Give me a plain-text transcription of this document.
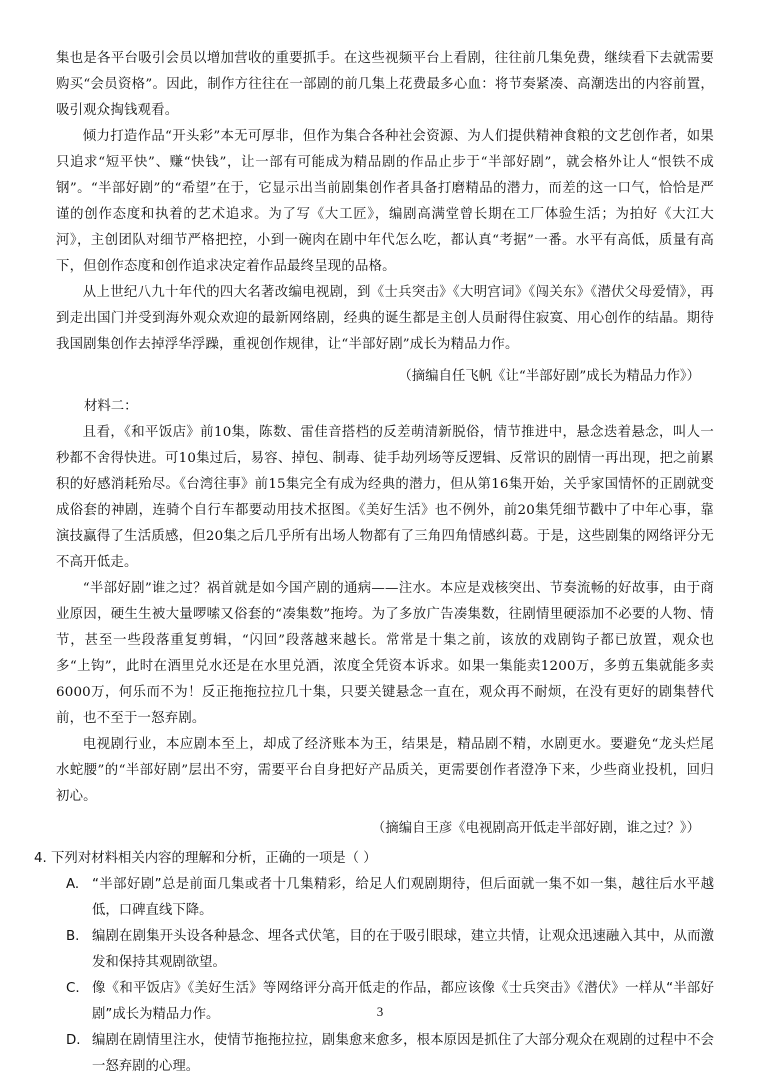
集也是各平台吸引会员以增加营收的重要抓手。在这些视频平台上看剧，往往前几集免费，继续看下去就需要购买“会员资格”。因此，制作方往往在一部剧的前几集上花费最多心血：将节奏紧凑、高潮迭出的内容前置，吸引观众掏钱观看。

倾力打造作品“开头彩”本无可厚非，但作为集合各种社会资源、为人们提供精神食粮的文艺创作者，如果只追求“短平快”、赚“快钱”，让一部有可能成为精品剧的作品止步于“半部好剧”，就会格外让人“恨铁不成钢”。“半部好剧”的“希望”在于，它显示出当前剧集创作者具备打磨精品的潜力，而差的这一口气，恰恰是严谨的创作态度和执着的艺术追求。为了写《大工匠》，编剧高满堂曾长期在工厂体验生活；为拍好《大江大河》，主创团队对细节严格把控，小到一碗肉在剧中年代怎么吃，都认真“考据”一番。水平有高低，质量有高下，但创作态度和创作追求决定着作品最终呈现的品格。

从上世纪八九十年代的四大名著改编电视剧，到《士兵突击》《大明宫词》《闯关东》《潜伏父母爱情》，再到走出国门并受到海外观众欢迎的最新网络剧，经典的诞生都是主创人员耐得住寂寞、用心创作的结晶。期待我国剧集创作去掉浮华浮躁，重视创作规律，让“半部好剧”成长为精品力作。

（摘编自任飞帆《让“半部好剧”成长为精品力作》）

材料二：

且看，《和平饭店》前10集，陈数、雷佳音搭档的反差萌清新脱俗，情节推进中，悬念迭着悬念，叫人一秒都不舍得快进。可10集过后，易容、掉包、制毒、徒手劫列场等反逻辑、反常识的剧情一再出现，把之前累积的好感消耗殆尽。《台湾往事》前15集完全有成为经典的潜力，但从第16集开始，关乎家国情怀的正剧就变成俗套的神剧，连骑个自行车都要动用技术抠图。《美好生活》也不例外，前20集凭细节戳中了中年心事，靠演技赢得了生活质感，但20集之后几乎所有出场人物都有了三角四角情感纠葛。于是，这些剧集的网络评分无不高开低走。

“半部好剧”谁之过？祸首就是如今国产剧的通病——注水。本应是戏核突出、节奏流畅的好故事，由于商业原因，硬生生被大量啰嗦又俗套的“凑集数”拖垮。为了多放广告凑集数，往剧情里硬添加不必要的人物、情节，甚至一些段落重复剪辑，“闪回”段落越来越长。常常是十集之前，该放的戏剧钩子都已放置，观众也多“上钩”，此时在酒里兑水还是在水里兑酒，浓度全凭资本诉求。如果一集能卖1200万，多剪五集就能多卖6000万，何乐而不为！反正拖拖拉拉几十集，只要关键悬念一直在，观众再不耐烦，在没有更好的剧集替代前，也不至于一怒弃剧。

电视剧行业，本应剧本至上，却成了经济账本为王，结果是，精品剧不精，水剧更水。要避免“龙头烂尾水蛇腰”的“半部好剧”层出不穷，需要平台自身把好产品质关，更需要创作者澄净下来，少些商业投机，回归初心。

（摘编自王彦《电视剧高开低走半部好剧，谁之过？》）

4. 下列对材料相关内容的理解和分析，正确的一项是（ ）

A. “半部好剧”总是前面几集或者十几集精彩，给足人们观剧期待，但后面就一集不如一集，越往后水平越低，口碑直线下降。
B. 编剧在剧集开头设各种悬念、埋各式伏笔，目的在于吸引眼球，建立共情，让观众迅速融入其中，从而激发和保持其观剧欲望。
C. 像《和平饭店》《美好生活》等网络评分高开低走的作品，都应该像《士兵突击》《潜伏》一样从“半部好剧”成长为精品力作。
D. 编剧在剧情里注水，使情节拖拖拉拉，剧集愈来愈多，根本原因是抓住了大部分观众在观剧的过程中不会一怒弃剧的心理。
3
